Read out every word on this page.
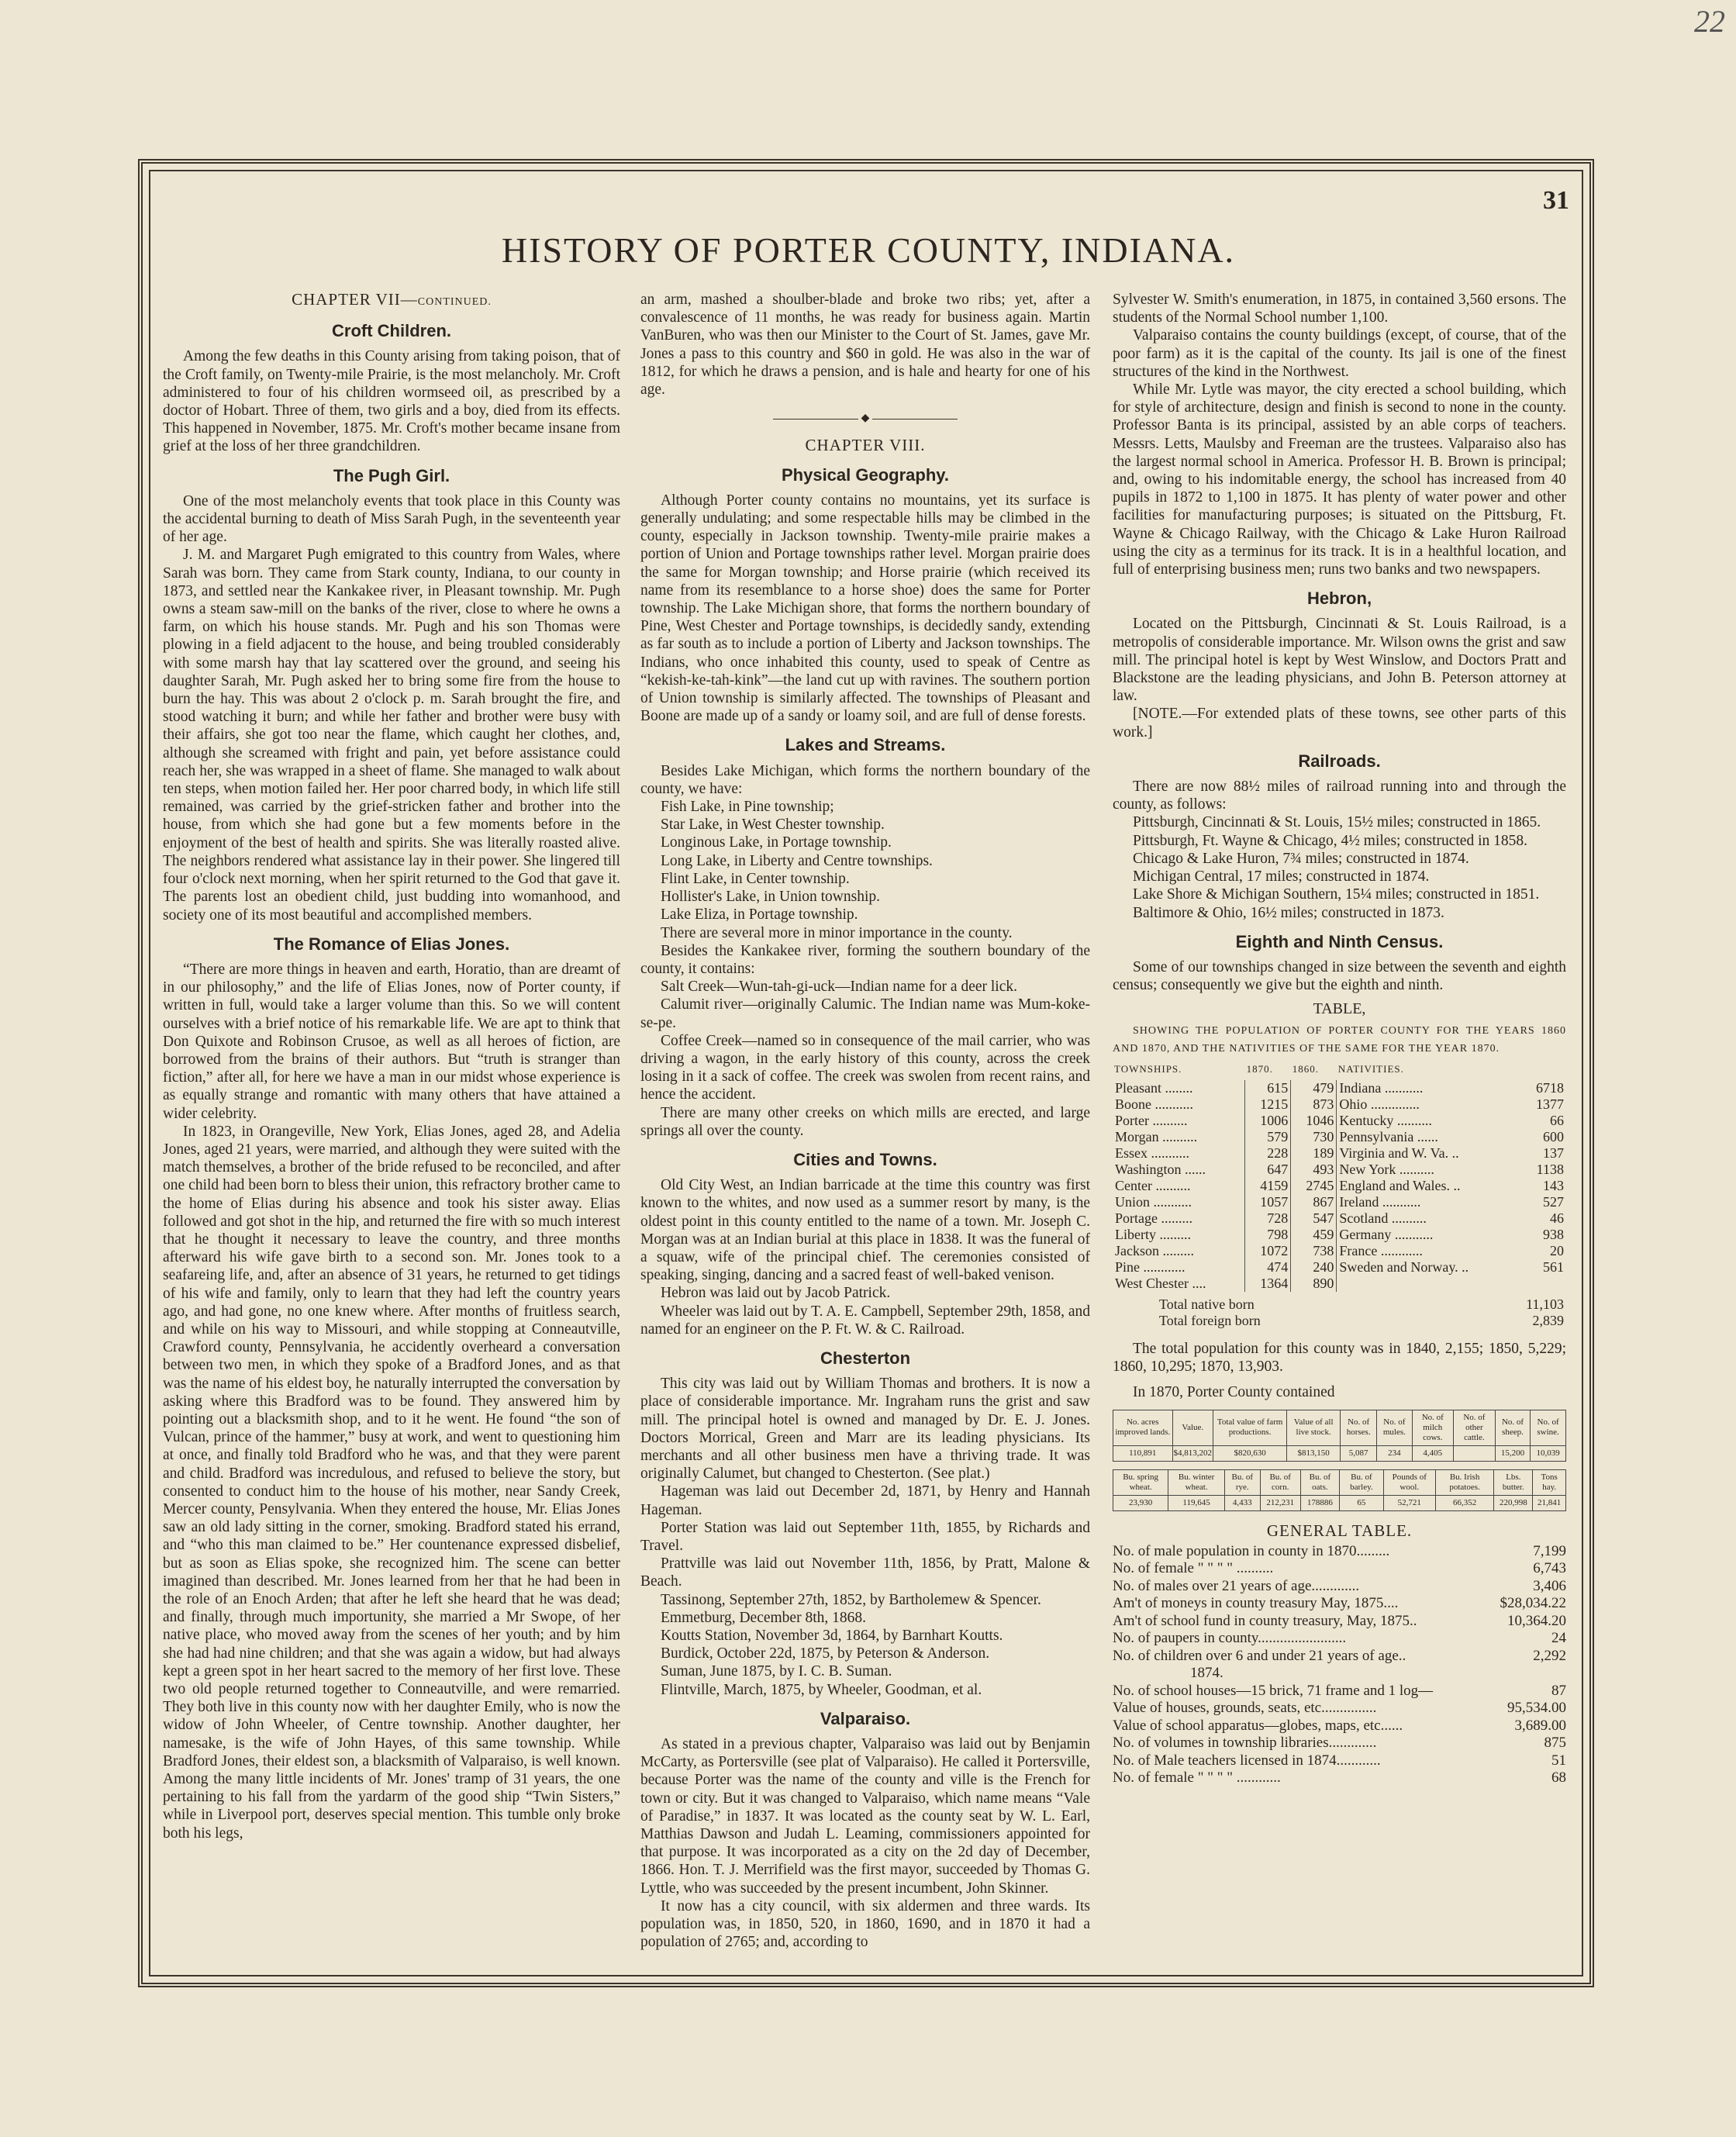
22
31
HISTORY OF PORTER COUNTY, INDIANA.
CHAPTER VII—CONTINUED.
Croft Children.

Among the few deaths in this County arising from taking poison, that of the Croft family, on Twenty-mile Prairie, is the most melancholy. Mr. Croft administered to four of his children wormseed oil, as prescribed by a doctor of Hobart. Three of them, two girls and a boy, died from its effects. This happened in November, 1875. Mr. Croft's mother became insane from grief at the loss of her three grandchildren.

The Pugh Girl.

One of the most melancholy events that took place in this County was the accidental burning to death of Miss Sarah Pugh, in the seventeenth year of her age.

J. M. and Margaret Pugh emigrated to this country from Wales, where Sarah was born. They came from Stark county, Indiana, to our county in 1873, and settled near the Kankakee river, in Pleasant township. Mr. Pugh owns a steam saw-mill on the banks of the river, close to where he owns a farm, on which his house stands. Mr. Pugh and his son Thomas were plowing in a field adjacent to the house, and being troubled considerably with some marsh hay that lay scattered over the ground, and seeing his daughter Sarah, Mr. Pugh asked her to bring some fire from the house to burn the hay. This was about 2 o'clock p. m. Sarah brought the fire, and stood watching it burn; and while her father and brother were busy with their affairs, she got too near the flame, which caught her clothes, and, although she screamed with fright and pain, yet before assistance could reach her, she was wrapped in a sheet of flame. She managed to walk about ten steps, when motion failed her. Her poor charred body, in which life still remained, was carried by the grief-stricken father and brother into the house, from which she had gone but a few moments before in the enjoyment of the best of health and spirits. She was literally roasted alive. The neighbors rendered what assistance lay in their power. She lingered till four o'clock next morning, when her spirit returned to the God that gave it. The parents lost an obedient child, just budding into womanhood, and society one of its most beautiful and accomplished members.

The Romance of Elias Jones.

“There are more things in heaven and earth, Horatio, than are dreamt of in our philosophy,” and the life of Elias Jones, now of Porter county, if written in full, would take a larger volume than this. So we will content ourselves with a brief notice of his remarkable life. We are apt to think that Don Quixote and Robinson Crusoe, as well as all heroes of fiction, are borrowed from the brains of their authors. But “truth is stranger than fiction,” after all, for here we have a man in our midst whose experience is as equally strange and romantic with many others that have attained a wider celebrity.

In 1823, in Orangeville, New York, Elias Jones, aged 28, and Adelia Jones, aged 21 years, were married, and although they were suited with the match themselves, a brother of the bride refused to be reconciled, and after one child had been born to bless their union, this refractory brother came to the home of Elias during his absence and took his sister away. Elias followed and got shot in the hip, and returned the fire with so much interest that he thought it necessary to leave the country, and three months afterward his wife gave birth to a second son. Mr. Jones took to a seafareing life, and, after an absence of 31 years, he returned to get tidings of his wife and family, only to learn that they had left the country years ago, and had gone, no one knew where. After months of fruitless search, and while on his way to Missouri, and while stopping at Conneautville, Crawford county, Pennsylvania, he accidently overheard a conversation between two men, in which they spoke of a Bradford Jones, and as that was the name of his eldest boy, he naturally interrupted the conversation by asking where this Bradford was to be found. They answered him by pointing out a blacksmith shop, and to it he went. He found “the son of Vulcan, prince of the hammer,” busy at work, and went to questioning him at once, and finally told Bradford who he was, and that they were parent and child. Bradford was incredulous, and refused to believe the story, but consented to conduct him to the house of his mother, near Sandy Creek, Mercer county, Pensylvania. When they entered the house, Mr. Elias Jones saw an old lady sitting in the corner, smoking. Bradford stated his errand, and “who this man claimed to be.” Her countenance expressed disbelief, but as soon as Elias spoke, she recognized him. The scene can better imagined than described. Mr. Jones learned from her that he had been in the role of an Enoch Arden; that after he left she heard that he was dead; and finally, through much importunity, she married a Mr Swope, of her native place, who moved away from the scenes of her youth; and by him she had had nine children; and that she was again a widow, but had always kept a green spot in her heart sacred to the memory of her first love. These two old people returned together to Conneautville, and were remarried. They both live in this county now with her daughter Emily, who is now the widow of John Wheeler, of Centre township. Another daughter, her namesake, is the wife of John Hayes, of this same township. While Bradford Jones, their eldest son, a blacksmith of Valparaiso, is well known. Among the many little incidents of Mr. Jones' tramp of 31 years, the one pertaining to his fall from the yardarm of the good ship “Twin Sisters,” while in Liverpool port, deserves special mention. This tumble only broke both his legs,

an arm, mashed a shoulber-blade and broke two ribs; yet, after a convalescence of 11 months, he was ready for business again. Martin VanBuren, who was then our Minister to the Court of St. James, gave Mr. Jones a pass to this country and $60 in gold. He was also in the war of 1812, for which he draws a pension, and is hale and hearty for one of his age.

◆
CHAPTER VIII.
Physical Geography.

Although Porter county contains no mountains, yet its surface is generally undulating; and some respectable hills may be climbed in the county, especially in Jackson township. Twenty-mile prairie makes a portion of Union and Portage townships rather level. Morgan prairie does the same for Morgan township; and Horse prairie (which received its name from its resemblance to a horse shoe) does the same for Porter township. The Lake Michigan shore, that forms the northern boundary of Pine, West Chester and Portage townships, is decidedly sandy, extending as far south as to include a portion of Liberty and Jackson townships. The Indians, who once inhabited this county, used to speak of Centre as “kekish-ke-tah-kink”—the land cut up with ravines. The southern portion of Union township is similarly affected. The townships of Pleasant and Boone are made up of a sandy or loamy soil, and are full of dense forests.

Lakes and Streams.

Besides Lake Michigan, which forms the northern boundary of the county, we have:

Fish Lake, in Pine township;

Star Lake, in West Chester township.

Longinous Lake, in Portage township.

Long Lake, in Liberty and Centre townships.

Flint Lake, in Center township.

Hollister's Lake, in Union township.

Lake Eliza, in Portage township.

There are several more in minor importance in the county.

Besides the Kankakee river, forming the southern boundary of the county, it contains:

Salt Creek—Wun-tah-gi-uck—Indian name for a deer lick.

Calumit river—originally Calumic. The Indian name was Mum-koke-se-pe.

Coffee Creek—named so in consequence of the mail carrier, who was driving a wagon, in the early history of this county, across the creek losing in it a sack of coffee. The creek was swolen from recent rains, and hence the accident.

There are many other creeks on which mills are erected, and large springs all over the county.

Cities and Towns.

Old City West, an Indian barricade at the time this country was first known to the whites, and now used as a summer resort by many, is the oldest point in this county entitled to the name of a town. Mr. Joseph C. Morgan was at an Indian burial at this place in 1838. It was the funeral of a squaw, wife of the principal chief. The ceremonies consisted of speaking, singing, dancing and a sacred feast of well-baked venison.

Hebron was laid out by Jacob Patrick.

Wheeler was laid out by T. A. E. Campbell, September 29th, 1858, and named for an engineer on the P. Ft. W. & C. Railroad.

Chesterton

This city was laid out by William Thomas and brothers. It is now a place of considerable importance. Mr. Ingraham runs the grist and saw mill. The principal hotel is owned and managed by Dr. E. J. Jones. Doctors Morrical, Green and Marr are its leading physicians. Its merchants and all other business men have a thriving trade. It was originally Calumet, but changed to Chesterton. (See plat.)

Hageman was laid out December 2d, 1871, by Henry and Hannah Hageman.

Porter Station was laid out September 11th, 1855, by Richards and Travel.

Prattville was laid out November 11th, 1856, by Pratt, Malone & Beach.

Tassinong, September 27th, 1852, by Bartholemew & Spencer.

Emmetburg, December 8th, 1868.

Koutts Station, November 3d, 1864, by Barnhart Koutts.

Burdick, October 22d, 1875, by Peterson & Anderson.

Suman, June 1875, by I. C. B. Suman.

Flintville, March, 1875, by Wheeler, Goodman, et al.

Valparaiso.

As stated in a previous chapter, Valparaiso was laid out by Benjamin McCarty, as Portersville (see plat of Valparaiso). He called it Portersville, because Porter was the name of the county and ville is the French for town or city. But it was changed to Valparaiso, which name means “Vale of Paradise,” in 1837. It was located as the county seat by W. L. Earl, Matthias Dawson and Judah L. Leaming, commissioners appointed for that purpose. It was incorporated as a city on the 2d day of December, 1866. Hon. T. J. Merrifield was the first mayor, succeeded by Thomas G. Lyttle, who was succeeded by the present incumbent, John Skinner.

It now has a city council, with six aldermen and three wards. Its population was, in 1850, 520, in 1860, 1690, and in 1870 it had a population of 2765; and, according to

Sylvester W. Smith's enumeration, in 1875, in contained 3,560 ersons. The students of the Normal School number 1,100.

Valparaiso contains the county buildings (except, of course, that of the poor farm) as it is the capital of the county. Its jail is one of the finest structures of the kind in the Northwest.

While Mr. Lytle was mayor, the city erected a school building, which for style of architecture, design and finish is second to none in the county. Professor Banta is its principal, assisted by an able corps of teachers. Messrs. Letts, Maulsby and Freeman are the trustees. Valparaiso also has the largest normal school in America. Professor H. B. Brown is principal; and, owing to his indomitable energy, the school has increased from 40 pupils in 1872 to 1,100 in 1875. It has plenty of water power and other facilities for manufacturing purposes; is situated on the Pittsburg, Ft. Wayne & Chicago Railway, with the Chicago & Lake Huron Railroad using the city as a terminus for its track. It is in a healthful location, and full of enterprising business men; runs two banks and two newspapers.

Hebron,

Located on the Pittsburgh, Cincinnati & St. Louis Railroad, is a metropolis of considerable importance. Mr. Wilson owns the grist and saw mill. The principal hotel is kept by West Winslow, and Doctors Pratt and Blackstone are the leading physicians, and John B. Peterson attorney at law.

[NOTE.—For extended plats of these towns, see other parts of this work.]

Railroads.

There are now 88½ miles of railroad running into and through the county, as follows:

Pittsburgh, Cincinnati & St. Louis, 15½ miles; constructed in 1865.

Pittsburgh, Ft. Wayne & Chicago, 4½ miles; constructed in 1858.

Chicago & Lake Huron, 7¾ miles; constructed in 1874.

Michigan Central, 17 miles; constructed in 1874.

Lake Shore & Michigan Southern, 15¼ miles; constructed in 1851.

Baltimore & Ohio, 16½ miles; constructed in 1873.

Eighth and Ninth Census.

Some of our townships changed in size between the seventh and eighth census; consequently we give but the eighth and ninth.

TABLE,

SHOWING THE POPULATION OF PORTER COUNTY FOR THE YEARS 1860 AND 1870, AND THE NATIVITIES OF THE SAME FOR THE YEAR 1870.

TOWNSHIPS.	1870.	1860.	NATIVITIES.	
Pleasant ........	615	479	Indiana ...........	6718
Boone ...........	1215	873	Ohio ..............	1377
Porter ..........	1006	1046	Kentucky ..........	66
Morgan ..........	579	730	Pennsylvania ......	600
Essex ...........	228	189	Virginia and W. Va. ..	137
Washington ......	647	493	New York ..........	1138
Center ..........	4159	2745	England and Wales. ..	143
Union ...........	1057	867	Ireland ...........	527
Portage .........	728	547	Scotland ..........	46
Liberty .........	798	459	Germany ...........	938
Jackson .........	1072	738	France ............	20
Pine ............	474	240	Sweden and Norway. ..	561
West Chester ....	1364	890		
Total native born	11,103
Total foreign born	2,839

The total population for this county was in 1840, 2,155; 1850, 5,229; 1860, 10,295; 1870, 13,903.

In 1870, Porter County contained

No. acres improved lands.	Value.	Total value of farm productions.	Value of all live stock.	No. of horses.	No. of mules.	No. of milch cows.	No. of other cattle.	No. of sheep.	No. of swine.
110,891	$4,813,202	$820,630	$813,150	5,087	234	4,405		15,200	10,039
Bu. spring wheat.	Bu. winter wheat.	Bu. of rye.	Bu. of corn.	Bu. of oats.	Bu. of barley.	Pounds of wool.	Bu. Irish potatoes.	Lbs. butter.	Tons hay.
23,930	119,645	4,433	212,231	178886	65	52,721	66,352	220,998	21,841
GENERAL TABLE.
No. of male population in county in 1870.........	7,199
No. of female " " " " ..........	6,743
No. of males over 21 years of age.............	3,406
Am't of moneys in county treasury May, 1875....	$28,034.22
Am't of school fund in county treasury, May, 1875..	10,364.20
No. of paupers in county........................	24
No. of children over 6 and under 21 years of age..	2,292
1874.	
No. of school houses—15 brick, 71 frame and 1 log—	87
Value of houses, grounds, seats, etc...............	95,534.00
Value of school apparatus—globes, maps, etc......	3,689.00
No. of volumes in township libraries.............	875
No. of Male teachers licensed in 1874............	51
No. of female " " " " ............	68
